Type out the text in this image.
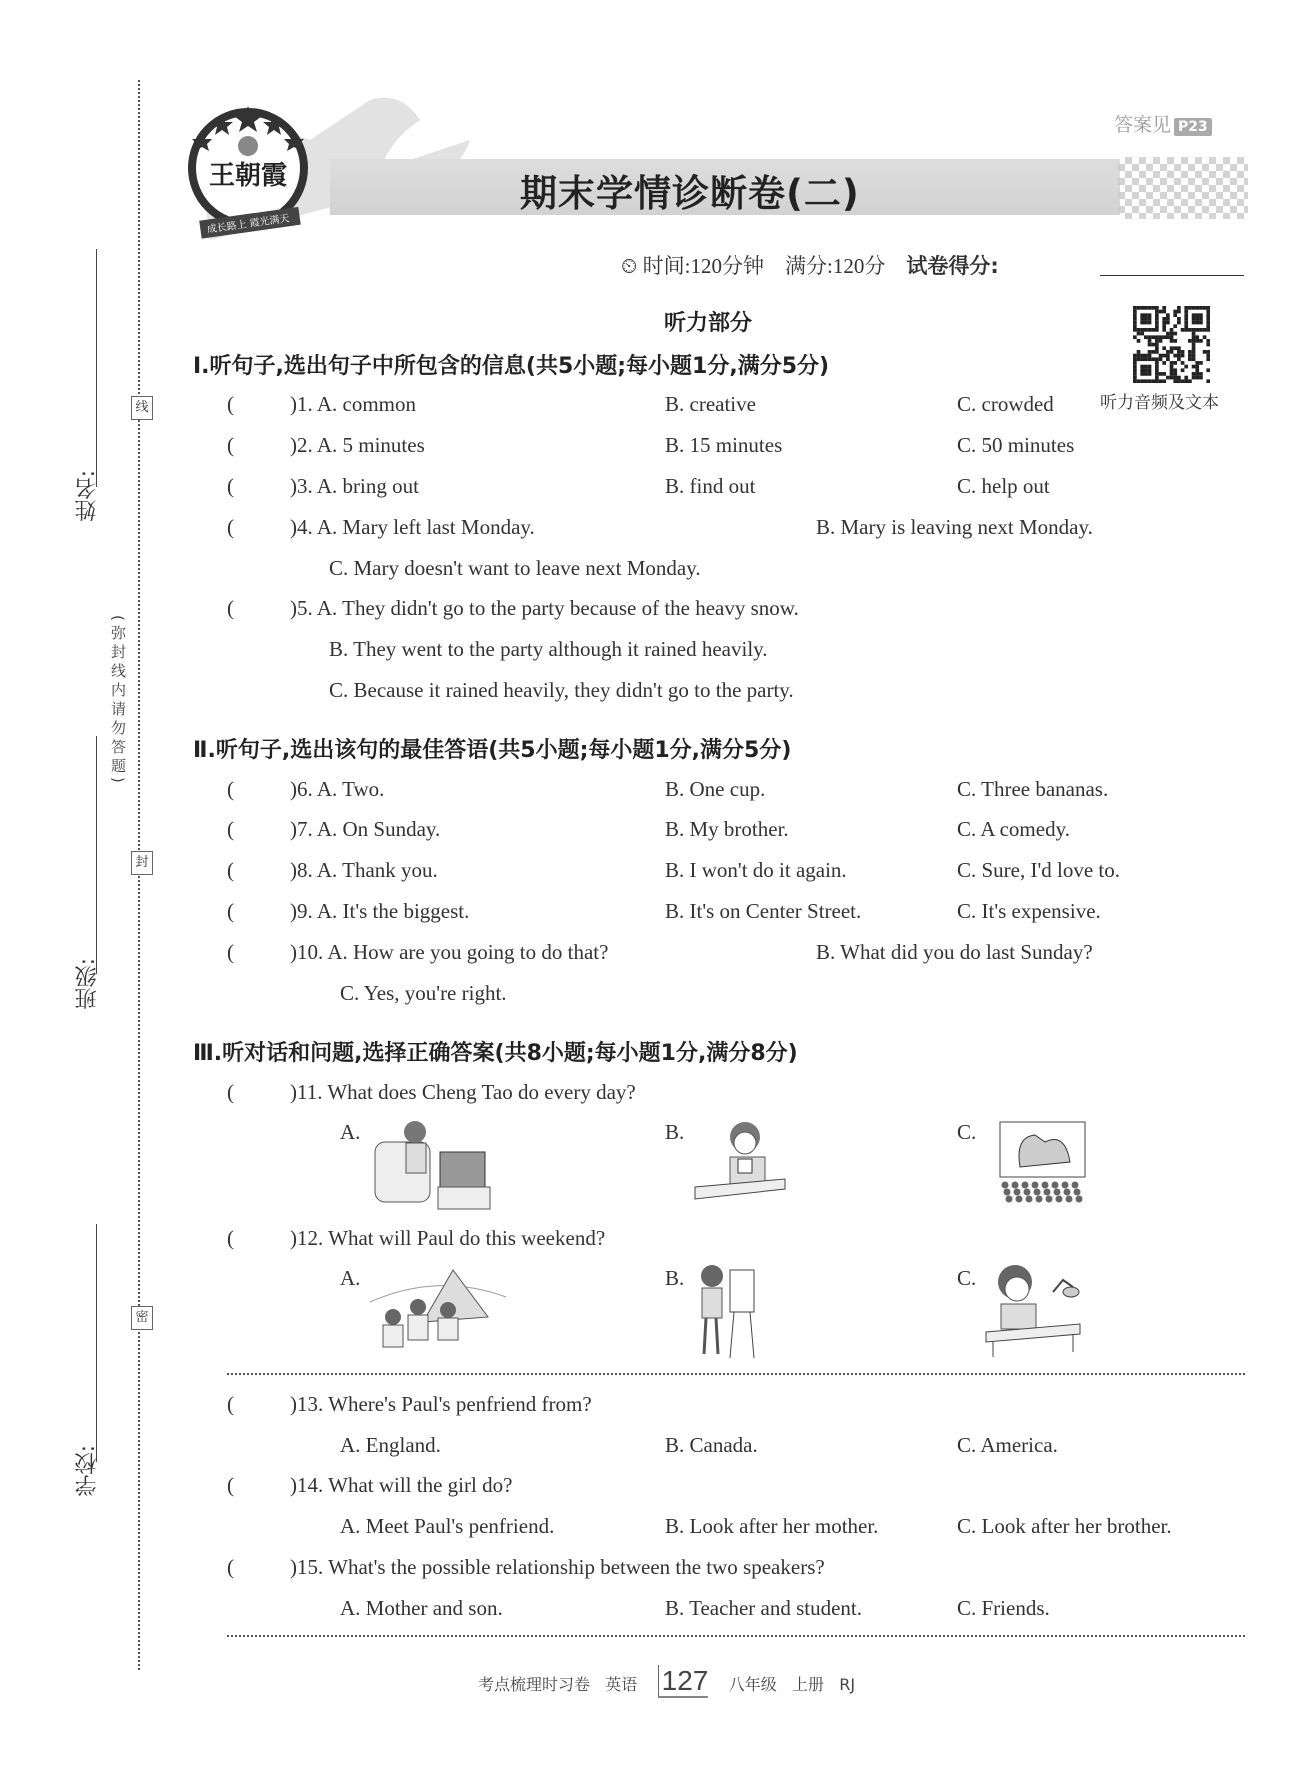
姓名:
班级:
学校:
线
封
密
(弥封线内请勿答题)
王朝霞
成长路上 霞光满天
答案见 P23
期末学情诊断卷(二)
⏲ 时间:120分钟 满分:120分 试卷得分:
听力部分
听力音频及文本
Ⅰ.听句子,选出句子中所包含的信息(共5小题;每小题1分,满分5分)
Ⅱ.听句子,选出该句的最佳答语(共5小题;每小题1分,满分5分)
Ⅲ.听对话和问题,选择正确答案(共8小题;每小题1分,满分8分)
(	)1. A. common	B. creative	C. crowded
(	)2. A. 5 minutes	B. 15 minutes	C. 50 minutes
(	)3. A. bring out	B. find out	C. help out
(	)4. A. Mary left last Monday.	B. Mary is leaving next Monday.
C. Mary doesn't want to leave next Monday.
(	)5. A. They didn't go to the party because of the heavy snow.
B. They went to the party although it rained heavily.
C. Because it rained heavily, they didn't go to the party.
(	)6. A. Two.	B. One cup.	C. Three bananas.
(	)7. A. On Sunday.	B. My brother.	C. A comedy.
(	)8. A. Thank you.	B. I won't do it again.	C. Sure, I'd love to.
(	)9. A. It's the biggest.	B. It's on Center Street.	C. It's expensive.
(	)10. A. How are you going to do that?	B. What did you do last Sunday?
C. Yes, you're right.
(	)11. What does Cheng Tao do every day?
A.	B.	C.
(	)12. What will Paul do this weekend?
A.	B.	C.
(	)13. Where's Paul's penfriend from?
A. England.	B. Canada.	C. America.
(	)14. What will the girl do?
A. Meet Paul's penfriend.	B. Look after her mother.	C. Look after her brother.
(	)15. What's the possible relationship between the two speakers?
A. Mother and son.	B. Teacher and student.	C. Friends.
考点梳理时习卷 英语 127 八年级 上册 RJ
